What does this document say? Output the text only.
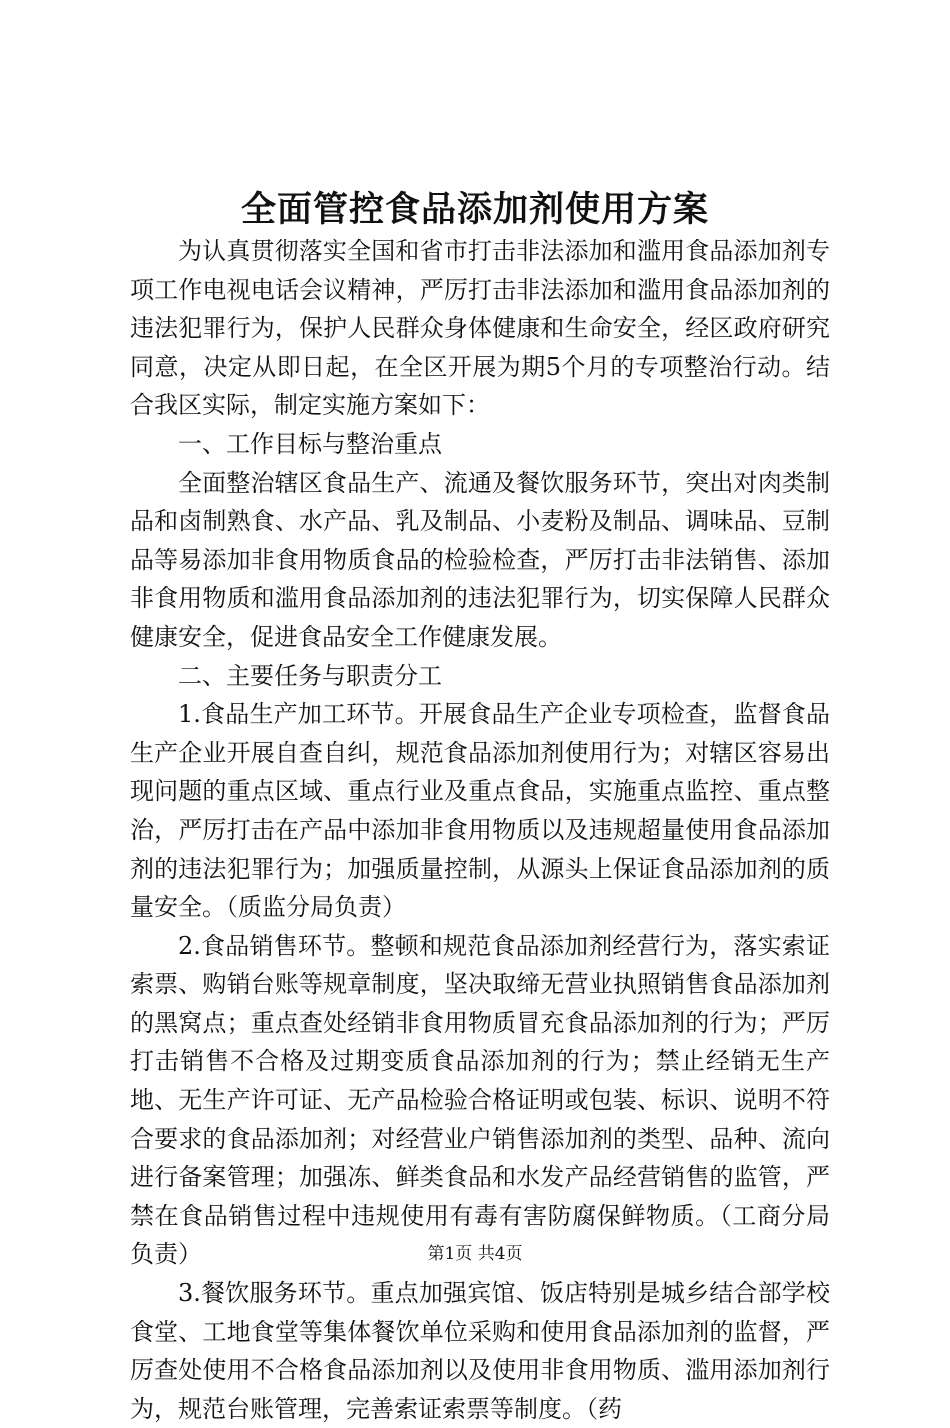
全面管控食品添加剂使用方案

为认真贯彻落实全国和省市打击非法添加和滥用食品添加剂专项工作电视电话会议精神，严厉打击非法添加和滥用食品添加剂的违法犯罪行为，保护人民群众身体健康和生命安全，经区政府研究同意，决定从即日起，在全区开展为期5个月的专项整治行动。结合我区实际，制定实施方案如下：

一、工作目标与整治重点

全面整治辖区食品生产、流通及餐饮服务环节，突出对肉类制品和卤制熟食、水产品、乳及制品、小麦粉及制品、调味品、豆制品等易添加非食用物质食品的检验检查，严厉打击非法销售、添加非食用物质和滥用食品添加剂的违法犯罪行为，切实保障人民群众健康安全，促进食品安全工作健康发展。

二、主要任务与职责分工

1.食品生产加工环节。开展食品生产企业专项检查，监督食品生产企业开展自查自纠，规范食品添加剂使用行为；对辖区容易出现问题的重点区域、重点行业及重点食品，实施重点监控、重点整治，严厉打击在产品中添加非食用物质以及违规超量使用食品添加剂的违法犯罪行为；加强质量控制，从源头上保证食品添加剂的质量安全。（质监分局负责）

2.食品销售环节。整顿和规范食品添加剂经营行为，落实索证索票、购销台账等规章制度，坚决取缔无营业执照销售食品添加剂的黑窝点；重点查处经销非食用物质冒充食品添加剂的行为；严厉打击销售不合格及过期变质食品添加剂的行为；禁止经销无生产地、无生产许可证、无产品检验合格证明或包装、标识、说明不符合要求的食品添加剂；对经营业户销售添加剂的类型、品种、流向进行备案管理；加强冻、鲜类食品和水发产品经营销售的监管，严禁在食品销售过程中违规使用有毒有害防腐保鲜物质。（工商分局负责）

3.餐饮服务环节。重点加强宾馆、饭店特别是城乡结合部学校食堂、工地食堂等集体餐饮单位采购和使用食品添加剂的监督，严厉查处使用不合格食品添加剂以及使用非食用物质、滥用添加剂行为，规范台账管理，完善索证索票等制度。（药

第1页 共4页
